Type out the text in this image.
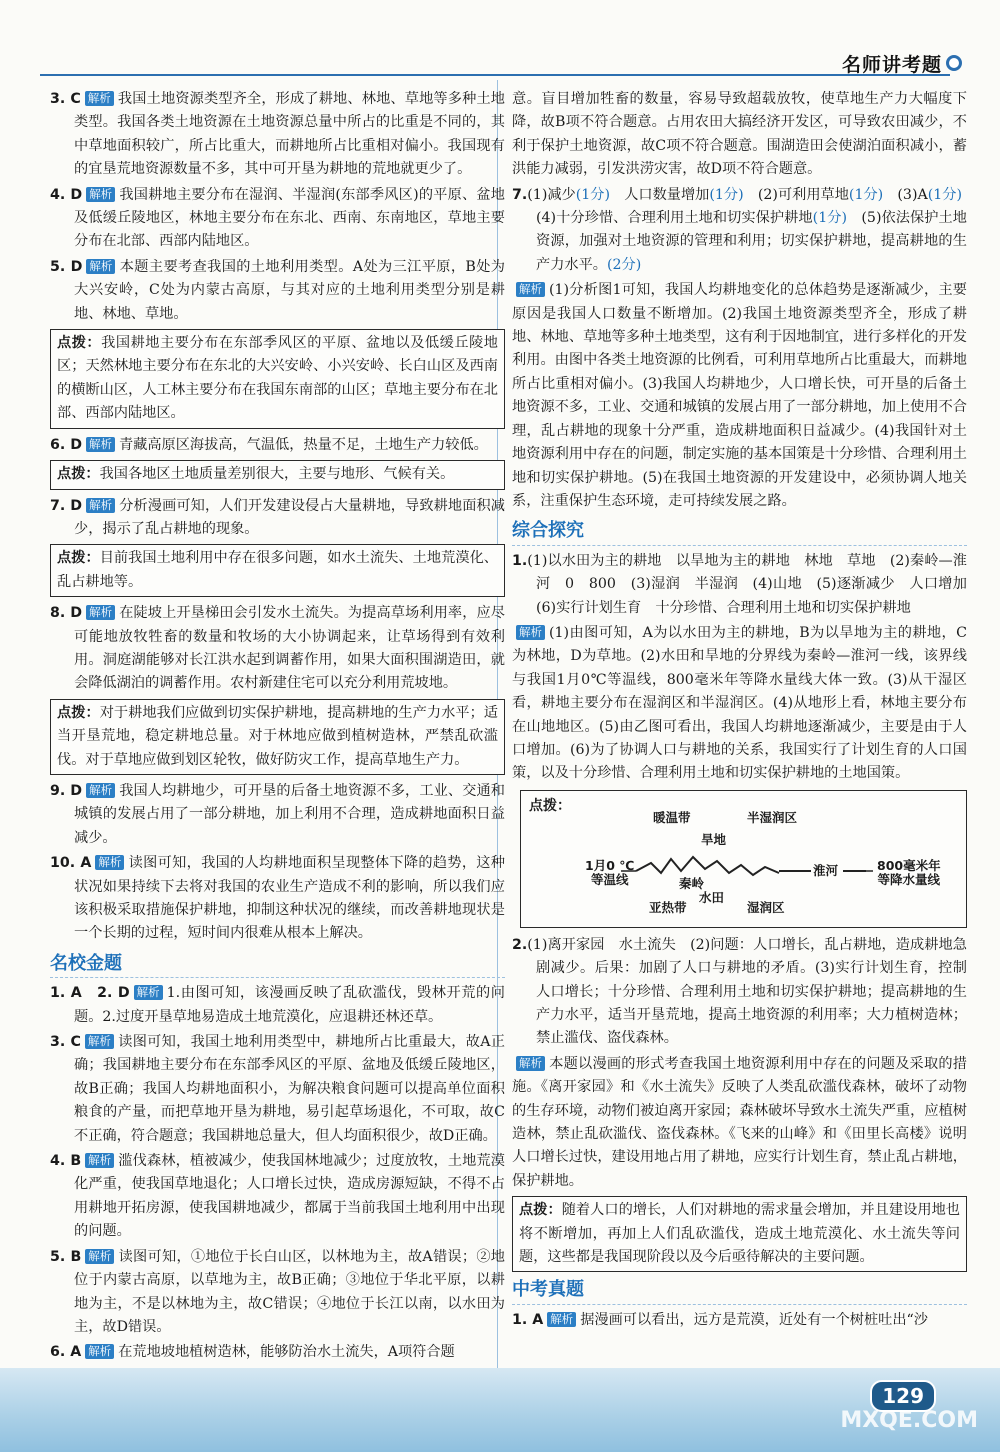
名师讲考题
3. C 解析 我国土地资源类型齐全，形成了耕地、林地、草地等多种土地类型。我国各类土地资源在土地资源总量中所占的比重是不同的，其中草地面积较广，所占比重大，而耕地所占比重相对偏小。我国现有的宜垦荒地资源数量不多，其中可开垦为耕地的荒地就更少了。
4. D 解析 我国耕地主要分布在湿润、半湿润(东部季风区)的平原、盆地及低缓丘陵地区，林地主要分布在东北、西南、东南地区，草地主要分布在北部、西部内陆地区。
5. D 解析 本题主要考查我国的土地利用类型。A处为三江平原，B处为大兴安岭，C处为内蒙古高原，与其对应的土地利用类型分别是耕地、林地、草地。
点拨：我国耕地主要分布在东部季风区的平原、盆地以及低缓丘陵地区；天然林地主要分布在东北的大兴安岭、小兴安岭、长白山区及西南的横断山区，人工林主要分布在我国东南部的山区；草地主要分布在北部、西部内陆地区。
6. D 解析 青藏高原区海拔高，气温低，热量不足，土地生产力较低。
点拨：我国各地区土地质量差别很大，主要与地形、气候有关。
7. D 解析 分析漫画可知，人们开发建设侵占大量耕地，导致耕地面积减少，揭示了乱占耕地的现象。
点拨：目前我国土地利用中存在很多问题，如水土流失、土地荒漠化、乱占耕地等。
8. D 解析 在陡坡上开垦梯田会引发水土流失。为提高草场利用率，应尽可能地放牧牲畜的数量和牧场的大小协调起来，让草场得到有效利用。洞庭湖能够对长江洪水起到调蓄作用，如果大面积围湖造田，就会降低湖泊的调蓄作用。农村新建住宅可以充分利用荒坡地。
点拨：对于耕地我们应做到切实保护耕地，提高耕地的生产力水平；适当开垦荒地，稳定耕地总量。对于林地应做到植树造林，严禁乱砍滥伐。对于草地应做到划区轮牧，做好防灾工作，提高草地生产力。
9. D 解析 我国人均耕地少，可开垦的后备土地资源不多，工业、交通和城镇的发展占用了一部分耕地，加上利用不合理，造成耕地面积日益减少。
10. A 解析 读图可知，我国的人均耕地面积呈现整体下降的趋势，这种状况如果持续下去将对我国的农业生产造成不利的影响，所以我们应该积极采取措施保护耕地，抑制这种状况的继续，而改善耕地现状是一个长期的过程，短时间内很难从根本上解决。
名校金题
1. A　2. D 解析 1.由图可知，该漫画反映了乱砍滥伐，毁林开荒的问题。2.过度开垦草地易造成土地荒漠化，应退耕还林还草。
3. C 解析 读图可知，我国土地利用类型中，耕地所占比重最大，故A正确；我国耕地主要分布在东部季风区的平原、盆地及低缓丘陵地区，故B正确；我国人均耕地面积小，为解决粮食问题可以提高单位面积粮食的产量，而把草地开垦为耕地，易引起草场退化，不可取，故C不正确，符合题意；我国耕地总量大，但人均面积很少，故D正确。
4. B 解析 滥伐森林，植被减少，使我国林地减少；过度放牧，土地荒漠化严重，使我国草地退化；人口增长过快，造成房源短缺，不得不占用耕地开拓房源，使我国耕地减少，都属于当前我国土地利用中出现的问题。
5. B 解析 读图可知，①地位于长白山区，以林地为主，故A错误；②地位于内蒙古高原，以草地为主，故B正确；③地位于华北平原，以耕地为主，不是以林地为主，故C错误；④地位于长江以南，以水田为主，故D错误。
6. A 解析 在荒地坡地植树造林，能够防治水土流失，A项符合题
意。盲目增加牲畜的数量，容易导致超载放牧，使草地生产力大幅度下降，故B项不符合题意。占用农田大搞经济开发区，可导致农田减少，不利于保护土地资源，故C项不符合题意。围湖造田会使湖泊面积减小，蓄洪能力减弱，引发洪涝灾害，故D项不符合题意。
7.(1)减少(1分)　人口数量增加(1分)　(2)可利用草地(1分)　(3)A(1分)　(4)十分珍惜、合理利用土地和切实保护耕地(1分)　(5)依法保护土地资源，加强对土地资源的管理和利用；切实保护耕地，提高耕地的生产力水平。(2分)
解析 (1)分析图1可知，我国人均耕地变化的总体趋势是逐渐减少，主要原因是我国人口数量不断增加。(2)我国土地资源类型齐全，形成了耕地、林地、草地等多种土地类型，这有利于因地制宜，进行多样化的开发利用。由图中各类土地资源的比例看，可利用草地所占比重最大，而耕地所占比重相对偏小。(3)我国人均耕地少，人口增长快，可开垦的后备土地资源不多，工业、交通和城镇的发展占用了一部分耕地，加上使用不合理，乱占耕地的现象十分严重，造成耕地面积日益减少。(4)我国针对土地资源利用中存在的问题，制定实施的基本国策是十分珍惜、合理利用土地和切实保护耕地。(5)在我国土地资源的开发建设中，必须协调人地关系，注重保护生态环境，走可持续发展之路。
综合探究
1.(1)以水田为主的耕地　以旱地为主的耕地　林地　草地　(2)秦岭—淮河　0　800　(3)湿润　半湿润　(4)山地　(5)逐渐减少　人口增加　(6)实行计划生育　十分珍惜、合理利用土地和切实保护耕地
解析 (1)由图可知，A为以水田为主的耕地，B为以旱地为主的耕地，C为林地，D为草地。(2)水田和旱地的分界线为秦岭—淮河一线，该界线与我国1月0℃等温线，800毫米年等降水量线大体一致。(3)从干湿区看，耕地主要分布在湿润区和半湿润区。(4)从地形上看，林地主要分布在山地地区。(5)由乙图可看出，我国人均耕地逐渐减少，主要是由于人口增加。(6)为了协调人口与耕地的关系，我国实行了计划生育的人口国策，以及十分珍惜、合理利用土地和切实保护耕地的土地国策。
点拨：
暖温带
旱地
半湿润区
1月0 ℃
等温线	秦岭
淮河	800毫米年
等降水量线
亚热带
水田
湿润区
2.(1)离开家园　水土流失　(2)问题：人口增长，乱占耕地，造成耕地急剧减少。后果：加剧了人口与耕地的矛盾。(3)实行计划生育，控制人口增长；十分珍惜、合理利用土地和切实保护耕地；提高耕地的生产力水平，适当开垦荒地，提高土地资源的利用率；大力植树造林；禁止滥伐、盗伐森林。
解析 本题以漫画的形式考查我国土地资源利用中存在的问题及采取的措施。《离开家园》和《水土流失》反映了人类乱砍滥伐森林，破坏了动物的生存环境，动物们被迫离开家园；森林破坏导致水土流失严重，应植树造林，禁止乱砍滥伐、盗伐森林。《飞来的山峰》和《田里长高楼》说明人口增长过快，建设用地占用了耕地，应实行计划生育，禁止乱占耕地，保护耕地。
点拨：随着人口的增长，人们对耕地的需求量会增加，并且建设用地也将不断增加，再加上人们乱砍滥伐，造成土地荒漠化、水土流失等问题，这些都是我国现阶段以及今后亟待解决的主要问题。
中考真题
1. A 解析 据漫画可以看出，远方是荒漠，近处有一个树桩吐出“沙
129
MXQE.COM
